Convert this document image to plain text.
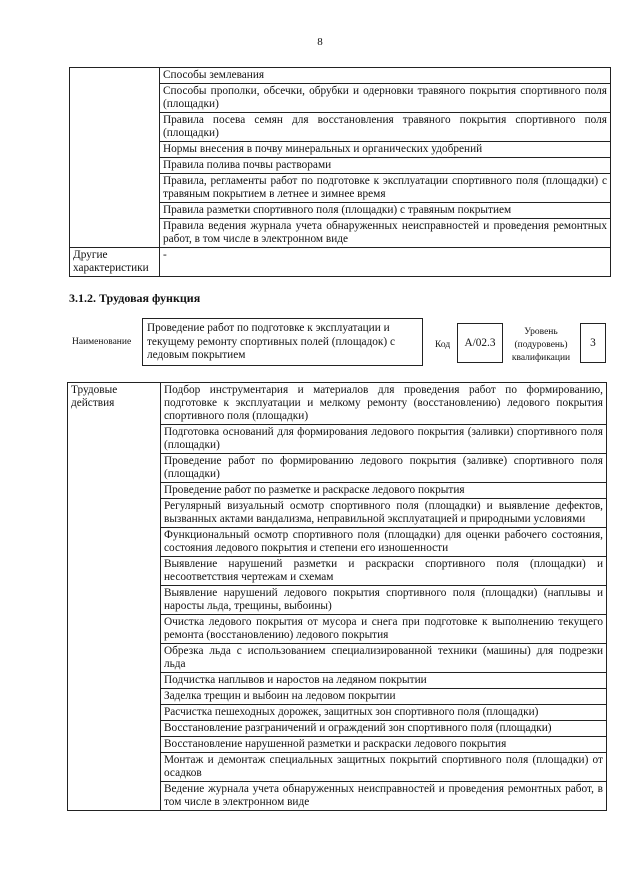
8
	Способы землевания
	Способы прополки, обсечки, обрубки и одерновки травяного покрытия спортивного поля (площадки)
	Правила посева семян для восстановления травяного покрытия спортивного поля (площадки)
	Нормы внесения в почву минеральных и органических удобрений
	Правила полива почвы растворами
	Правила, регламенты работ по подготовке к эксплуатации спортивного поля (площадки) с травяным покрытием в летнее и зимнее время
	Правила разметки спортивного поля (площадки) с травяным покрытием
	Правила ведения журнала учета обнаруженных неисправностей и проведения ремонтных работ, в том числе в электронном виде
Другие характеристики	-
3.1.2. Трудовая функция
Наименование
Проведение работ по подготовке к эксплуатации и текущему ремонту спортивных полей (площадок) с ледовым покрытием
Код	A/02.3
Уровень (подуровень) квалификации
3
Трудовые действия	Подбор инструментария и материалов для проведения работ по формированию, подготовке к эксплуатации и мелкому ремонту (восстановлению) ледового покрытия спортивного поля (площадки)
Подготовка оснований для формирования ледового покрытия (заливки) спортивного поля (площадки)
Проведение работ по формированию ледового покрытия (заливке) спортивного поля (площадки)
Проведение работ по разметке и раскраске ледового покрытия
Регулярный визуальный осмотр спортивного поля (площадки) и выявление дефектов, вызванных актами вандализма, неправильной эксплуатацией и природными условиями
Функциональный осмотр спортивного поля (площадки) для оценки рабочего состояния, состояния ледового покрытия и степени его изношенности
Выявление нарушений разметки и раскраски спортивного поля (площадки) и несоответствия чертежам и схемам
Выявление нарушений ледового покрытия спортивного поля (площадки) (наплывы и наросты льда, трещины, выбоины)
Очистка ледового покрытия от мусора и снега при подготовке к выполнению текущего ремонта (восстановлению) ледового покрытия
Обрезка льда с использованием специализированной техники (машины) для подрезки льда
Подчистка наплывов и наростов на ледяном покрытии
Заделка трещин и выбоин на ледовом покрытии
Расчистка пешеходных дорожек, защитных зон спортивного поля (площадки)
Восстановление разграничений и ограждений зон спортивного поля (площадки)
Восстановление нарушенной разметки и раскраски ледового покрытия
Монтаж и демонтаж специальных защитных покрытий спортивного поля (площадки) от осадков
Ведение журнала учета обнаруженных неисправностей и проведения ремонтных работ, в том числе в электронном виде
